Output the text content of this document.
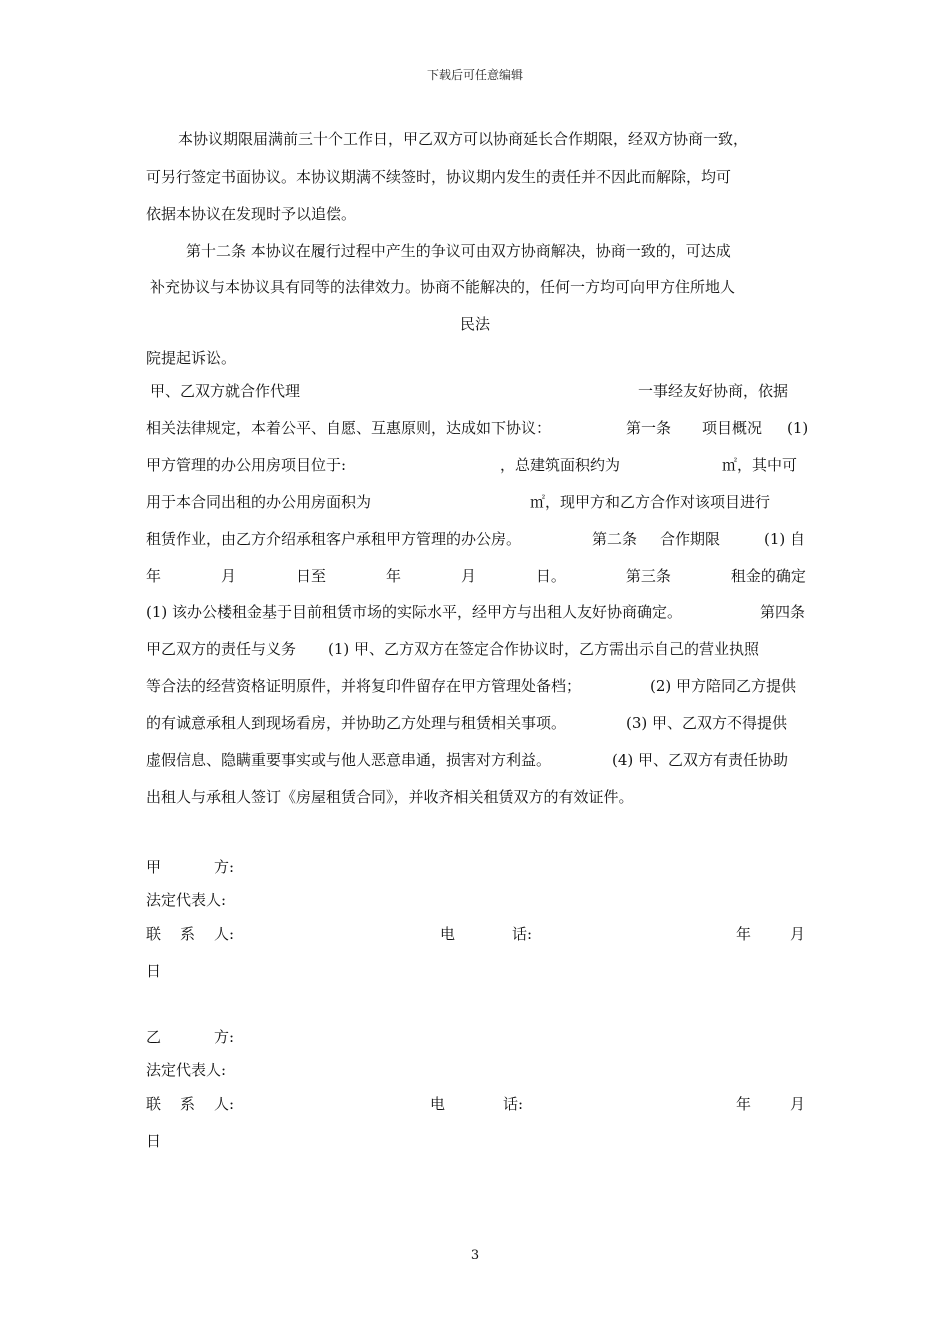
下载后可任意编辑
本协议期限届满前三十个工作日，甲乙双方可以协商延长合作期限，经双方协商一致，
可另行签定书面协议。本协议期满不续签时，协议期内发生的责任并不因此而解除，均可
依据本协议在发现时予以追偿。
第十二条 本协议在履行过程中产生的争议可由双方协商解决，协商一致的，可达成
补充协议与本协议具有同等的法律效力。协商不能解决的，任何一方均可向甲方住所地人
民法
院提起诉讼。
甲、乙双方就合作代理	一事经友好协商，依据
相关法律规定，本着公平、自愿、互惠原则，达成如下协议：	第一条 项目概况 (1)
甲方管理的办公用房项目位于:	，总建筑面积约为	㎡，其中可
用于本合同出租的办公用房面积为	㎡，现甲方和乙方合作对该项目进行
租赁作业，由乙方介绍承租客户承租甲方管理的办公房。	第二条 合作期限	(1) 自
年	月	日至	年	月	日。	第三条	租金的确定
(1) 该办公楼租金基于目前租赁市场的实际水平，经甲方与出租人友好协商确定。	第四条
甲乙双方的责任与义务 (1) 甲、乙方双方在签定合作协议时，乙方需出示自己的营业执照
等合法的经营资格证明原件，并将复印件留存在甲方管理处备档；	(2) 甲方陪同乙方提供
的有诚意承租人到现场看房，并协助乙方处理与租赁相关事项。	(3) 甲、乙双方不得提供
虚假信息、隐瞒重要事实或与他人恶意串通，损害对方利益。	(4) 甲、乙双方有责任协助
出租人与承租人签订《房屋租赁合同》，并收齐相关租赁双方的有效证件。
甲	方:
法定代表人:
联 系 人:	电	话:	年	月
日
乙	方:
法定代表人:
联 系 人:	电	话:	年	月
日
3
